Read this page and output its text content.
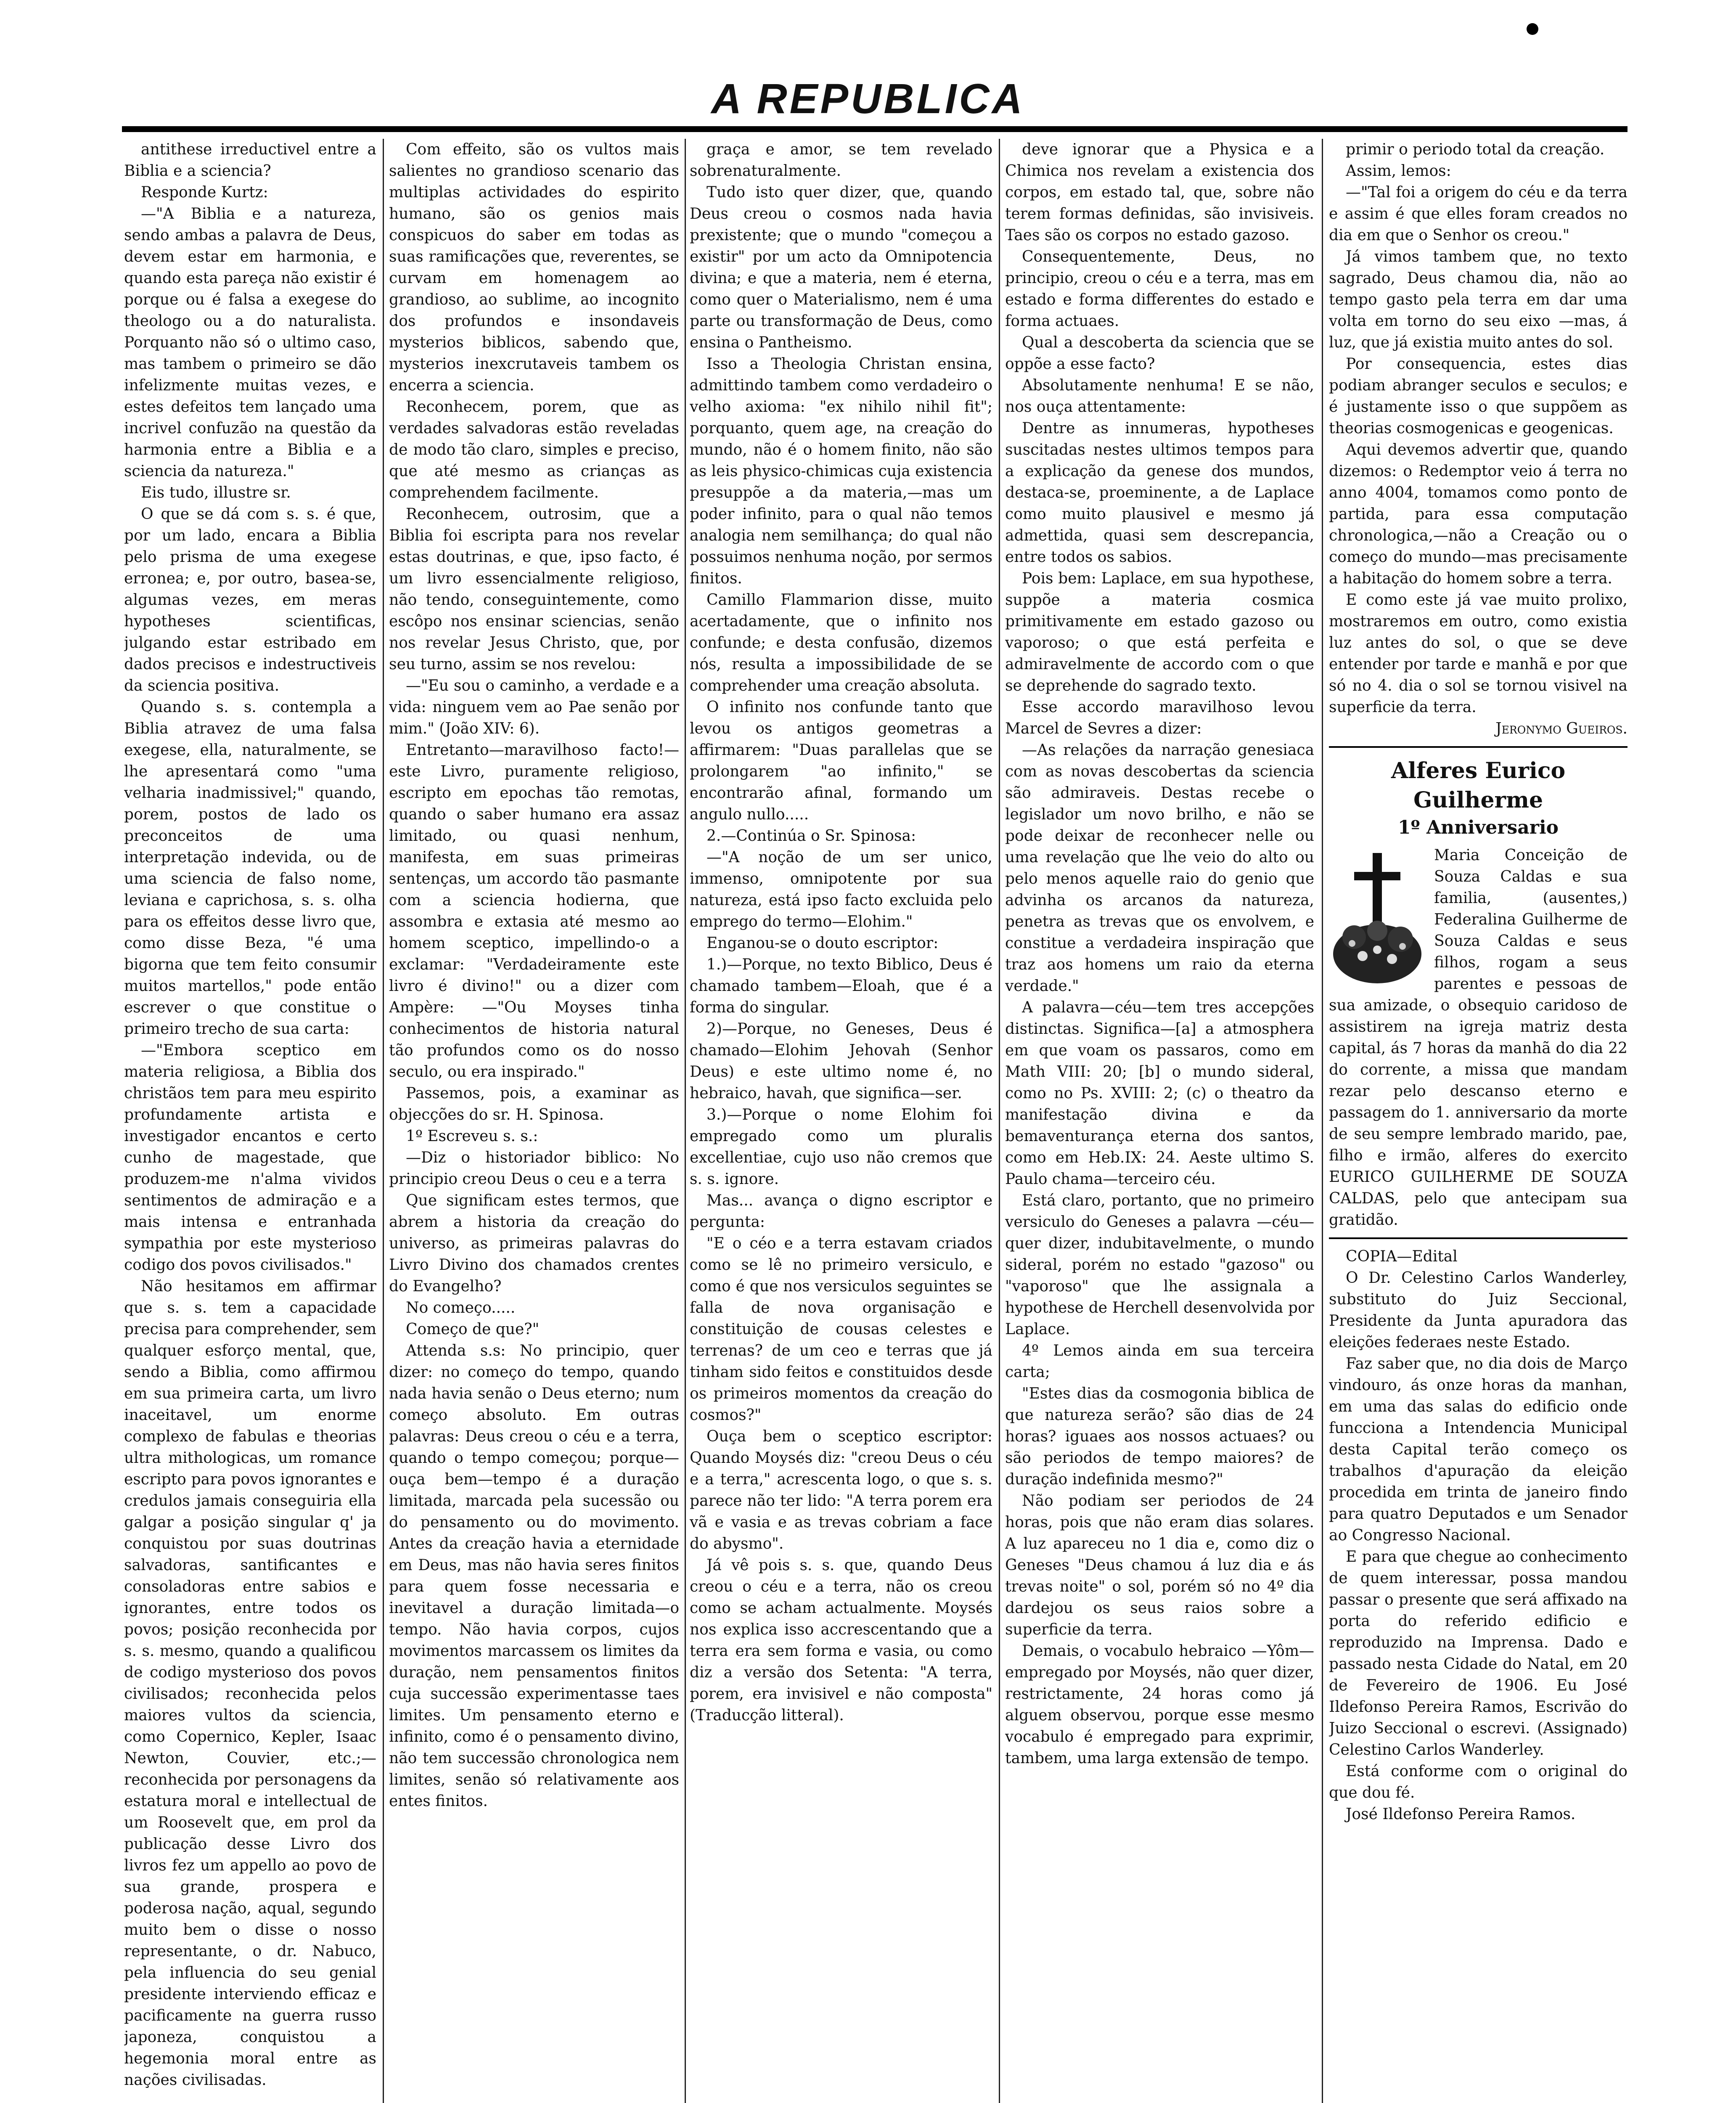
A REPUBLICA

antithese irreductivel entre a Biblia e a sciencia?

Responde Kurtz:

—"A Biblia e a natureza, sendo ambas a palavra de Deus, devem estar em harmonia, e quando esta pareça não existir é porque ou é falsa a exegese do theologo ou a do naturalista. Porquanto não só o ultimo caso, mas tambem o primeiro se dão infelizmente muitas vezes, e estes defeitos tem lançado uma incrivel confuzão na questão da harmonia entre a Biblia e a sciencia da natureza."

Eis tudo, illustre sr.

O que se dá com s. s. é que, por um lado, encara a Biblia pelo prisma de uma exegese erronea; e, por outro, basea-se, algumas vezes, em meras hypotheses scientificas, julgando estar estribado em dados precisos e indestructiveis da sciencia positiva.

Quando s. s. contempla a Biblia atravez de uma falsa exegese, ella, naturalmente, se lhe apresentará como "uma velharia inadmissivel;" quando, porem, postos de lado os preconceitos de uma interpretação indevida, ou de uma sciencia de falso nome, leviana e caprichosa, s. s. olha para os effeitos desse livro que, como disse Beza, "é uma bigorna que tem feito consumir muitos martellos," pode então escrever o que constitue o primeiro trecho de sua carta:

—"Embora sceptico em materia religiosa, a Biblia dos christãos tem para meu espirito profundamente artista e investigador encantos e certo cunho de magestade, que produzem-me n'alma vividos sentimentos de admiração e a mais intensa e entranhada sympathia por este mysterioso codigo dos povos civilisados."

Não hesitamos em affirmar que s. s. tem a capacidade precisa para comprehender, sem qualquer esforço mental, que, sendo a Biblia, como affirmou em sua primeira carta, um livro inaceitavel, um enorme complexo de fabulas e theorias ultra mithologicas, um romance escripto para povos ignorantes e credulos jamais conseguiria ella galgar a posição singular q' ja conquistou por suas doutrinas salvadoras, santificantes e consoladoras entre sabios e ignorantes, entre todos os povos; posição reconhecida por s. s. mesmo, quando a qualificou de codigo mysterioso dos povos civilisados; reconhecida pelos maiores vultos da sciencia, como Copernico, Kepler, Isaac Newton, Couvier, etc.;—reconhecida por personagens da estatura moral e intellectual de um Roosevelt que, em prol da publicação desse Livro dos livros fez um appello ao povo de sua grande, prospera e poderosa nação, aqual, segundo muito bem o disse o nosso representante, o dr. Nabuco, pela influencia do seu genial presidente interviendo efficaz e pacificamente na guerra russo japoneza, conquistou a hegemonia moral entre as nações civilisadas.

Com effeito, são os vultos mais salientes no grandioso scenario das multiplas actividades do espirito humano, são os genios mais conspicuos do saber em todas as suas ramificações que, reverentes, se curvam em homenagem ao grandioso, ao sublime, ao incognito dos profundos e insondaveis mysterios biblicos, sabendo que, mysterios inexcrutaveis tambem os encerra a sciencia.

Reconhecem, porem, que as verdades salvadoras estão reveladas de modo tão claro, simples e preciso, que até mesmo as crianças as comprehendem facilmente.

Reconhecem, outrosim, que a Biblia foi escripta para nos revelar estas doutrinas, e que, ipso facto, é um livro essencialmente religioso, não tendo, conseguintemente, como escôpo nos ensinar sciencias, senão nos revelar Jesus Christo, que, por seu turno, assim se nos revelou:

—"Eu sou o caminho, a verdade e a vida: ninguem vem ao Pae senão por mim." (João XIV: 6).

Entretanto—maravilhoso facto!—este Livro, puramente religioso, escripto em epochas tão remotas, quando o saber humano era assaz limitado, ou quasi nenhum, manifesta, em suas primeiras sentenças, um accordo tão pasmante com a sciencia hodierna, que assombra e extasia até mesmo ao homem sceptico, impellindo-o a exclamar: "Verdadeiramente este livro é divino!" ou a dizer com Ampère: —"Ou Moyses tinha conhecimentos de historia natural tão profundos como os do nosso seculo, ou era inspirado."

Passemos, pois, a examinar as objecções do sr. H. Spinosa.

1º Escreveu s. s.:

—Diz o historiador biblico: No principio creou Deus o ceu e a terra

Que significam estes termos, que abrem a historia da creação do universo, as primeiras palavras do Livro Divino dos chamados crentes do Evangelho?

No começo.....

Começo de que?"

Attenda s.s: No principio, quer dizer: no começo do tempo, quando nada havia senão o Deus eterno; num começo absoluto. Em outras palavras: Deus creou o céu e a terra, quando o tempo começou; porque—ouça bem—tempo é a duração limitada, marcada pela sucessão ou do pensamento ou do movimento. Antes da creação havia a eternidade em Deus, mas não havia seres finitos para quem fosse necessaria e inevitavel a duração limitada—o tempo. Não havia corpos, cujos movimentos marcassem os limites da duração, nem pensamentos finitos cuja successão experimentasse taes limites. Um pensamento eterno e infinito, como é o pensamento divino, não tem successão chronologica nem limites, senão só relativamente aos entes finitos.

graça e amor, se tem revelado sobrenaturalmente.

Tudo isto quer dizer, que, quando Deus creou o cosmos nada havia prexistente; que o mundo "começou a existir" por um acto da Omnipotencia divina; e que a materia, nem é eterna, como quer o Materialismo, nem é uma parte ou transformação de Deus, como ensina o Pantheismo.

Isso a Theologia Christan ensina, admittindo tambem como verdadeiro o velho axioma: "ex nihilo nihil fit"; porquanto, quem age, na creação do mundo, não é o homem finito, não são as leis physico-chimicas cuja existencia presuppõe a da materia,—mas um poder infinito, para o qual não temos analogia nem semilhança; do qual não possuimos nenhuma noção, por sermos finitos.

Camillo Flammarion disse, muito acertadamente, que o infinito nos confunde; e desta confusão, dizemos nós, resulta a impossibilidade de se comprehender uma creação absoluta.

O infinito nos confunde tanto que levou os antigos geometras a affirmarem: "Duas parallelas que se prolongarem "ao infinito," se encontrarão afinal, formando um angulo nullo.....

2.—Continúa o Sr. Spinosa:

—"A noção de um ser unico, immenso, omnipotente por sua natureza, está ipso facto excluida pelo emprego do termo—Elohim."

Enganou-se o douto escriptor:

1.)—Porque, no texto Biblico, Deus é chamado tambem—Eloah, que é a forma do singular.

2)—Porque, no Geneses, Deus é chamado—Elohim Jehovah (Senhor Deus) e este ultimo nome é, no hebraico, havah, que significa—ser.

3.)—Porque o nome Elohim foi empregado como um pluralis excellentiae, cujo uso não cremos que s. s. ignore.

Mas... avança o digno escriptor e pergunta:

"E o céo e a terra estavam criados como se lê no primeiro versiculo, e como é que nos versiculos seguintes se falla de nova organisação e constituição de cousas celestes e terrenas? de um ceo e terras que já tinham sido feitos e constituidos desde os primeiros momentos da creação do cosmos?"

Ouça bem o sceptico escriptor: Quando Moysés diz: "creou Deus o céu e a terra," acrescenta logo, o que s. s. parece não ter lido: "A terra porem era vã e vasia e as trevas cobriam a face do abysmo".

Já vê pois s. s. que, quando Deus creou o céu e a terra, não os creou como se acham actualmente. Moysés nos explica isso accrescentando que a terra era sem forma e vasia, ou como diz a versão dos Setenta: "A terra, porem, era invisivel e não composta" (Traducção litteral).

deve ignorar que a Physica e a Chimica nos revelam a existencia dos corpos, em estado tal, que, sobre não terem formas definidas, são invisiveis. Taes são os corpos no estado gazoso.

Consequentemente, Deus, no principio, creou o céu e a terra, mas em estado e forma differentes do estado e forma actuaes.

Qual a descoberta da sciencia que se oppõe a esse facto?

Absolutamente nenhuma! E se não, nos ouça attentamente:

Dentre as innumeras, hypotheses suscitadas nestes ultimos tempos para a explicação da genese dos mundos, destaca-se, proeminente, a de Laplace como muito plausivel e mesmo já admettida, quasi sem descrepancia, entre todos os sabios.

Pois bem: Laplace, em sua hypothese, suppõe a materia cosmica primitivamente em estado gazoso ou vaporoso; o que está perfeita e admiravelmente de accordo com o que se deprehende do sagrado texto.

Esse accordo maravilhoso levou Marcel de Sevres a dizer:

—As relações da narração genesiaca com as novas descobertas da sciencia são admiraveis. Destas recebe o legislador um novo brilho, e não se pode deixar de reconhecer nelle ou uma revelação que lhe veio do alto ou pelo menos aquelle raio do genio que advinha os arcanos da natureza, penetra as trevas que os envolvem, e constitue a verdadeira inspiração que traz aos homens um raio da eterna verdade."

A palavra—céu—tem tres accepções distinctas. Significa—[a] a atmosphera em que voam os passaros, como em Math VIII: 20; [b] o mundo sideral, como no Ps. XVIII: 2; (c) o theatro da manifestação divina e da bemaventurança eterna dos santos, como em Heb.IX: 24. Aeste ultimo S. Paulo chama—terceiro céu.

Está claro, portanto, que no primeiro versiculo do Geneses a palavra —céu—quer dizer, indubitavelmente, o mundo sideral, porém no estado "gazoso" ou "vaporoso" que lhe assignala a hypothese de Herchell desenvolvida por Laplace.

4º Lemos ainda em sua terceira carta;

"Estes dias da cosmogonia biblica de que natureza serão? são dias de 24 horas? iguaes aos nossos actuaes? ou são periodos de tempo maiores? de duração indefinida mesmo?"

Não podiam ser periodos de 24 horas, pois que não eram dias solares. A luz apareceu no 1 dia e, como diz o Geneses "Deus chamou á luz dia e ás trevas noite" o sol, porém só no 4º dia dardejou os seus raios sobre a superficie da terra.

Demais, o vocabulo hebraico —Yôm—empregado por Moysés, não quer dizer, restrictamente, 24 horas como já alguem observou, porque esse mesmo vocabulo é empregado para exprimir, tambem, uma larga extensão de tempo.

primir o periodo total da creação.

Assim, lemos:

—"Tal foi a origem do céu e da terra e assim é que elles foram creados no dia em que o Senhor os creou."

Já vimos tambem que, no texto sagrado, Deus chamou dia, não ao tempo gasto pela terra em dar uma volta em torno do seu eixo —mas, á luz, que já existia muito antes do sol.

Por consequencia, estes dias podiam abranger seculos e seculos; e é justamente isso o que suppõem as theorias cosmogenicas e geogenicas.

Aqui devemos advertir que, quando dizemos: o Redemptor veio á terra no anno 4004, tomamos como ponto de partida, para essa computação chronologica,—não a Creação ou o começo do mundo—mas precisamente a habitação do homem sobre a terra.

E como este já vae muito prolixo, mostraremos em outro, como existia luz antes do sol, o que se deve entender por tarde e manhã e por que só no 4. dia o sol se tornou visivel na superficie da terra.

Jeronymo Gueiros.

Alferes Eurico Guilherme
1º Anniversario

Maria Conceição de Souza Caldas e sua familia, (ausentes,) Federalina Guilherme de Souza Caldas e seus filhos, rogam a seus parentes e pessoas de sua amizade, o obsequio caridoso de assistirem na igreja matriz desta capital, ás 7 horas da manhã do dia 22 do corrente, a missa que mandam rezar pelo descanso eterno e passagem do 1. anniversario da morte de seu sempre lembrado marido, pae, filho e irmão, alferes do exercito EURICO GUILHERME DE SOUZA CALDAS, pelo que antecipam sua gratidão.

COPIA—Edital

O Dr. Celestino Carlos Wanderley, substituto do Juiz Seccional, Presidente da Junta apuradora das eleições federaes neste Estado.

Faz saber que, no dia dois de Março vindouro, ás onze horas da manhan, em uma das salas do edificio onde funcciona a Intendencia Municipal desta Capital terão começo os trabalhos d'apuração da eleição procedida em trinta de janeiro findo para quatro Deputados e um Senador ao Congresso Nacional.

E para que chegue ao conhecimento de quem interessar, possa mandou passar o presente que será affixado na porta do referido edificio e reproduzido na Imprensa. Dado e passado nesta Cidade do Natal, em 20 de Fevereiro de 1906. Eu José Ildefonso Pereira Ramos, Escrivão do Juizo Seccional o escrevi. (Assignado) Celestino Carlos Wanderley.

Está conforme com o original do que dou fé.

José Ildefonso Pereira Ramos.
